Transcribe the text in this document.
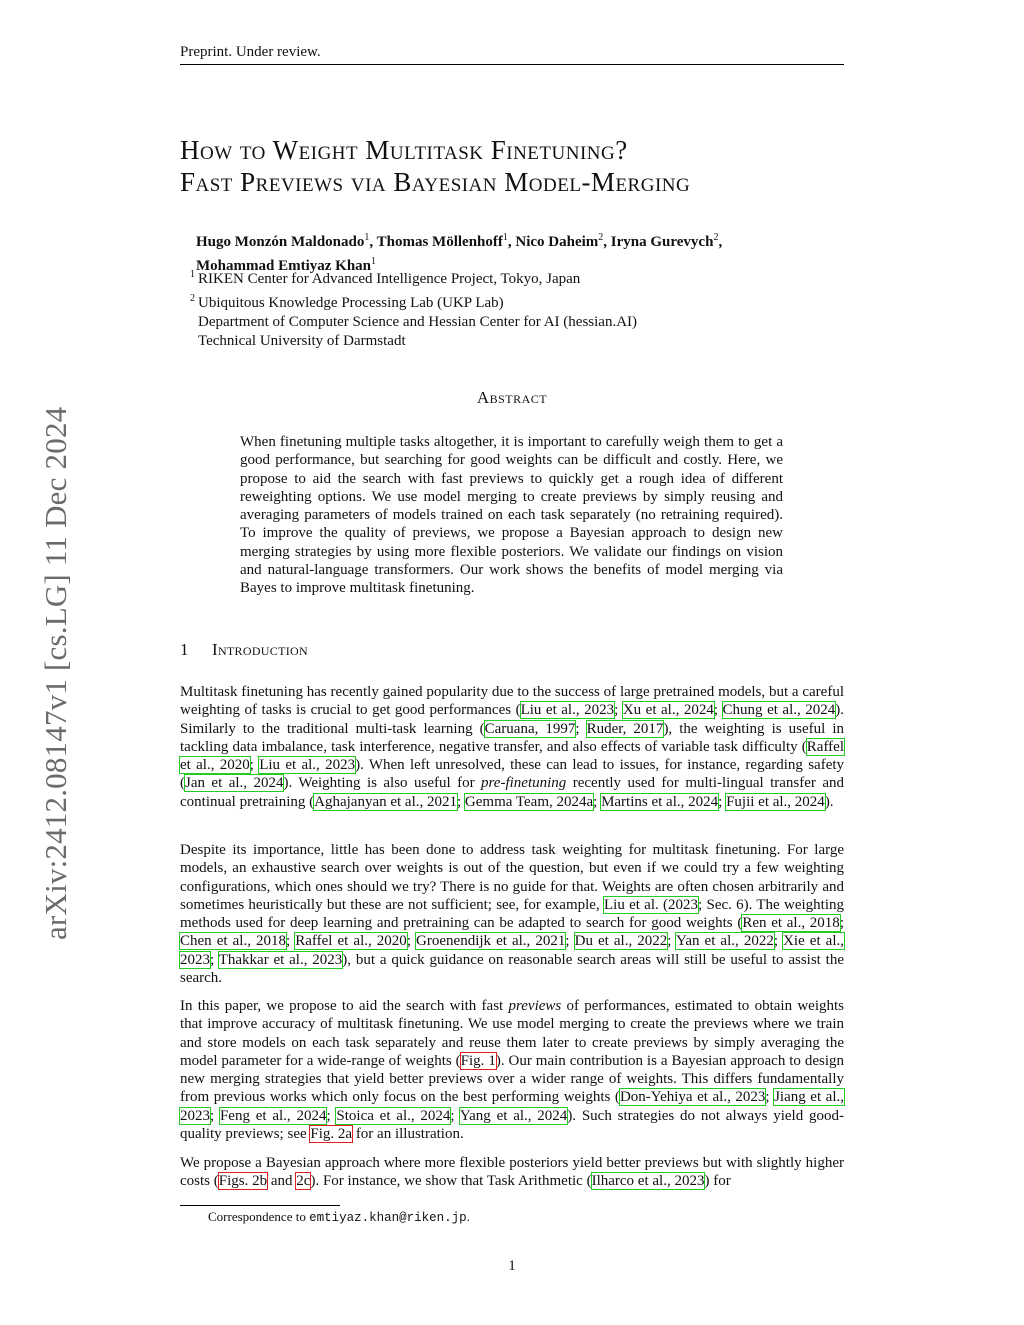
Preprint. Under review.
arXiv:2412.08147v1 [cs.LG] 11 Dec 2024
How to Weight Multitask Finetuning?
Fast Previews via Bayesian Model-Merging
Hugo Monzón Maldonado$^1$, Thomas Möllenhoff$^1$, Nico Daheim$^2$, Iryna Gurevych$^2$,
Mohammad Emtiyaz Khan$^1$
$^1$ RIKEN Center for Advanced Intelligence Project, Tokyo, Japan
$^2$ Ubiquitous Knowledge Processing Lab (UKP Lab)
Department of Computer Science and Hessian Center for AI (hessian.AI)
Technical University of Darmstadt
Abstract
When finetuning multiple tasks altogether, it is important to carefully weigh them to get a good performance, but searching for good weights can be difficult and costly. Here, we propose to aid the search with fast previews to quickly get a rough idea of different reweighting options. We use model merging to create previews by simply reusing and averaging parameters of models trained on each task separately (no retraining required). To improve the quality of previews, we propose a Bayesian approach to design new merging strategies by using more flexible posteriors. We validate our findings on vision and natural-language transformers. Our work shows the benefits of model merging via Bayes to improve multitask finetuning.
1 Introduction
Multitask finetuning has recently gained popularity due to the success of large pretrained models, but a careful weighting of tasks is crucial to get good performances (Liu et al., 2023; Xu et al., 2024; Chung et al., 2024). Similarly to the traditional multi-task learning (Caruana, 1997; Ruder, 2017), the weighting is useful in tackling data imbalance, task interference, negative transfer, and also effects of variable task difficulty (Raffel et al., 2020; Liu et al., 2023). When left unresolved, these can lead to issues, for instance, regarding safety (Jan et al., 2024). Weighting is also useful for pre-finetuning recently used for multi-lingual transfer and continual pretraining (Aghajanyan et al., 2021; Gemma Team, 2024a; Martins et al., 2024; Fujii et al., 2024).
Despite its importance, little has been done to address task weighting for multitask finetuning. For large models, an exhaustive search over weights is out of the question, but even if we could try a few weighting configurations, which ones should we try? There is no guide for that. Weights are often chosen arbitrarily and sometimes heuristically but these are not sufficient; see, for example, Liu et al. (2023; Sec. 6). The weighting methods used for deep learning and pretraining can be adapted to search for good weights (Ren et al., 2018; Chen et al., 2018; Raffel et al., 2020; Groenendijk et al., 2021; Du et al., 2022; Yan et al., 2022; Xie et al., 2023; Thakkar et al., 2023), but a quick guidance on reasonable search areas will still be useful to assist the search.
In this paper, we propose to aid the search with fast previews of performances, estimated to obtain weights that improve accuracy of multitask finetuning. We use model merging to create the previews where we train and store models on each task separately and reuse them later to create previews by simply averaging the model parameter for a wide-range of weights (Fig. 1). Our main contribution is a Bayesian approach to design new merging strategies that yield better previews over a wider range of weights. This differs fundamentally from previous works which only focus on the best performing weights (Don-Yehiya et al., 2023; Jiang et al., 2023; Feng et al., 2024; Stoica et al., 2024; Yang et al., 2024). Such strategies do not always yield good-quality previews; see Fig. 2a for an illustration.
We propose a Bayesian approach where more flexible posteriors yield better previews but with slightly higher costs (Figs. 2b and 2c). For instance, we show that Task Arithmetic (Ilharco et al., 2023) for
Correspondence to emtiyaz.khan@riken.jp.
1
